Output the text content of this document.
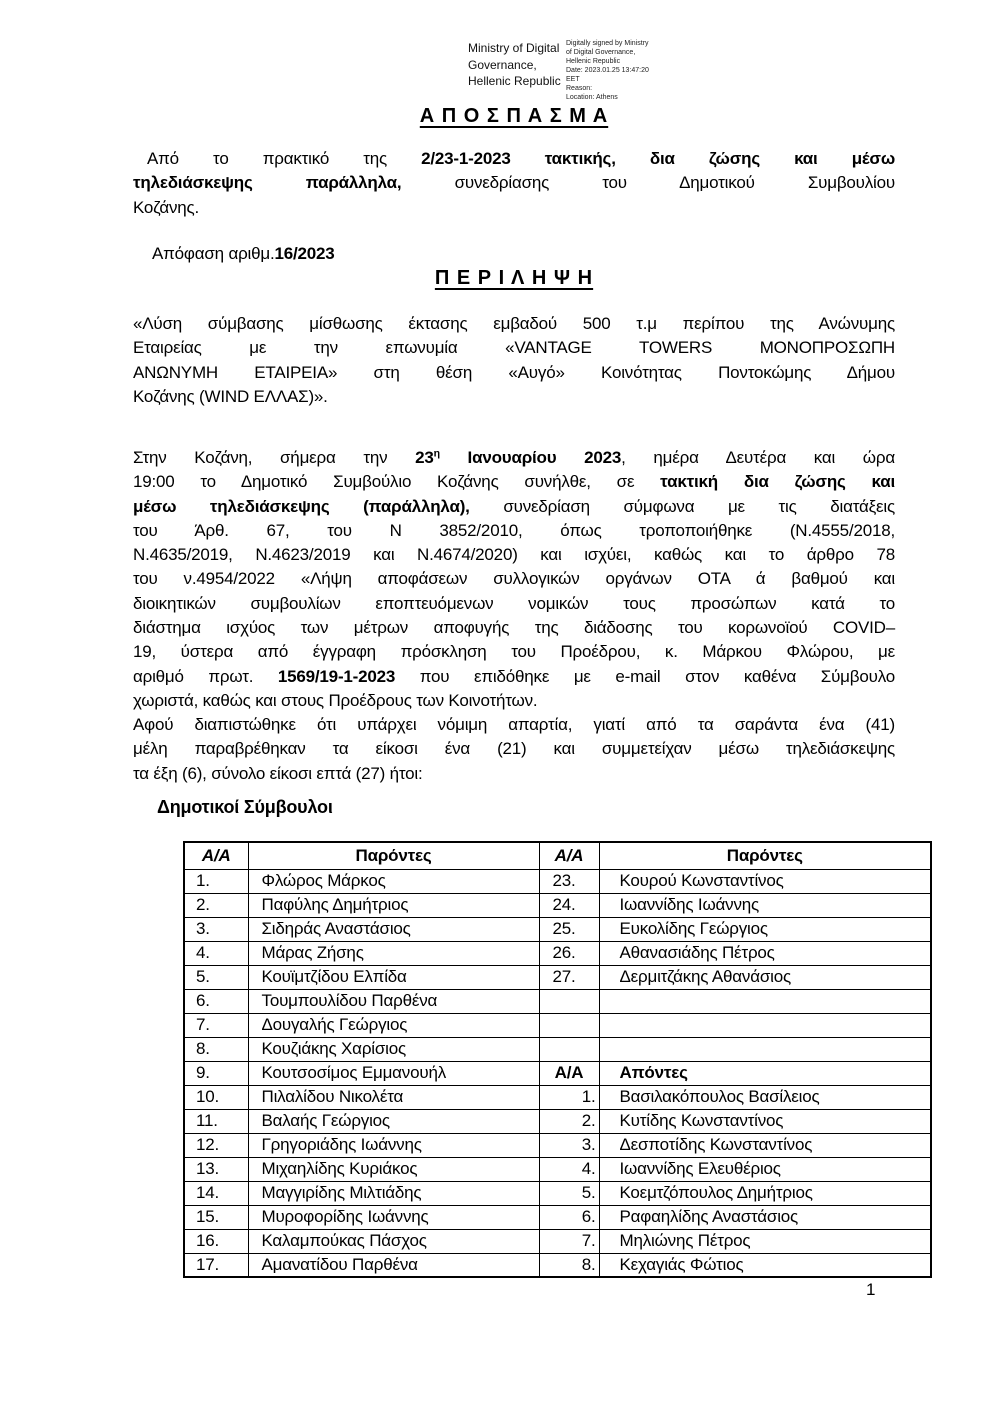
Ministry of Digital
Governance,
Hellenic Republic
Digitally signed by Ministry
of Digital Governance,
Hellenic Republic
Date: 2023.01.25 13:47:20
EET
Reason:
Location: Athens
Α Π Ο Σ Π Α Σ Μ Α
Από το πρακτικό της 2/23-1-2023 τακτικής, δια ζώσης και μέσω
τηλεδιάσκεψης παράλληλα, συνεδρίασης του Δημοτικού Συμβουλίου
Κοζάνης.
Απόφαση αριθμ.16/2023
Π Ε Ρ Ι Λ Η Ψ Η
«Λύση σύμβασης μίσθωσης έκτασης εμβαδού 500 τ.μ περίπου της Ανώνυμης
Εταιρείας με την επωνυμία «VANTAGE TOWERS ΜΟΝΟΠΡΟΣΩΠΗ
ΑΝΩΝΥΜΗ ΕΤΑΙΡΕΙΑ» στη θέση «Αυγό» Κοινότητας Ποντοκώμης Δήμου
Κοζάνης (WIND ΕΛΛΑΣ)».
Στην Κοζάνη, σήμερα την $23^\eta$ Ιανουαρίου 2023, ημέρα Δευτέρα και ώρα
19:00 το Δημοτικό Συμβούλιο Κοζάνης συνήλθε, σε τακτική δια ζώσης και
μέσω τηλεδιάσκεψης (παράλληλα), συνεδρίαση σύμφωνα με τις διατάξεις
του Άρθ. 67, του Ν 3852/2010, όπως τροποποιήθηκε (Ν.4555/2018,
Ν.4635/2019, Ν.4623/2019 και Ν.4674/2020) και ισχύει, καθώς και το άρθρο 78
του ν.4954/2022 «Λήψη αποφάσεων συλλογικών οργάνων ΟΤΑ ά βαθμού και
διοικητικών συμβουλίων εποπτευόμενων νομικών τους προσώπων κατά το
διάστημα ισχύος των μέτρων αποφυγής της διάδοσης του κορωνοϊού COVID–
19, ύστερα από έγγραφη πρόσκληση του Προέδρου, κ. Μάρκου Φλώρου, με
αριθμό πρωτ. 1569/19-1-2023 που επιδόθηκε με e-mail στον καθένα Σύμβουλο
χωριστά, καθώς και στους Προέδρους των Κοινοτήτων.
Αφού διαπιστώθηκε ότι υπάρχει νόμιμη απαρτία, γιατί από τα σαράντα ένα (41)
μέλη παραβρέθηκαν τα είκοσι ένα (21) και συμμετείχαν μέσω τηλεδιάσκεψης
τα έξη (6), σύνολο είκοσι επτά (27) ήτοι:
Δημοτικοί Σύμβουλοι
Α/Α	Παρόντες	Α/Α	Παρόντες
1.	Φλώρος Μάρκος	23.	Κουρού Κωνσταντίνος
2.	Παφύλης Δημήτριος	24.	Ιωαννίδης Ιωάννης
3.	Σιδηράς Αναστάσιος	25.	Ευκολίδης Γεώργιος
4.	Μάρας Ζήσης	26.	Αθανασιάδης Πέτρος
5.	Κουϊμτζίδου Ελπίδα	27.	Δερμιτζάκης Αθανάσιος
6.	Τουμπουλίδου Παρθένα		
7.	Δουγαλής Γεώργιος		
8.	Κουζιάκης Χαρίσιος		
9.	Κουτσοσίμος Εμμανουήλ	Α/Α	Απόντες
10.	Πιλαλίδου Νικολέτα	1.	Βασιλακόπουλος Βασίλειος
11.	Βαλαής Γεώργιος	2.	Κυτίδης Κωνσταντίνος
12.	Γρηγοριάδης Ιωάννης	3.	Δεσποτίδης Κωνσταντίνος
13.	Μιχαηλίδης Κυριάκος	4.	Ιωαννίδης Ελευθέριος
14.	Μαγγιρίδης Μιλτιάδης	5.	Κοεμτζόπουλος Δημήτριος
15.	Μυροφορίδης Ιωάννης	6.	Ραφαηλίδης Αναστάσιος
16.	Καλαμπούκας Πάσχος	7.	Μηλιώνης Πέτρος
17.	Αμανατίδου Παρθένα	8.	Κεχαγιάς Φώτιος
1
